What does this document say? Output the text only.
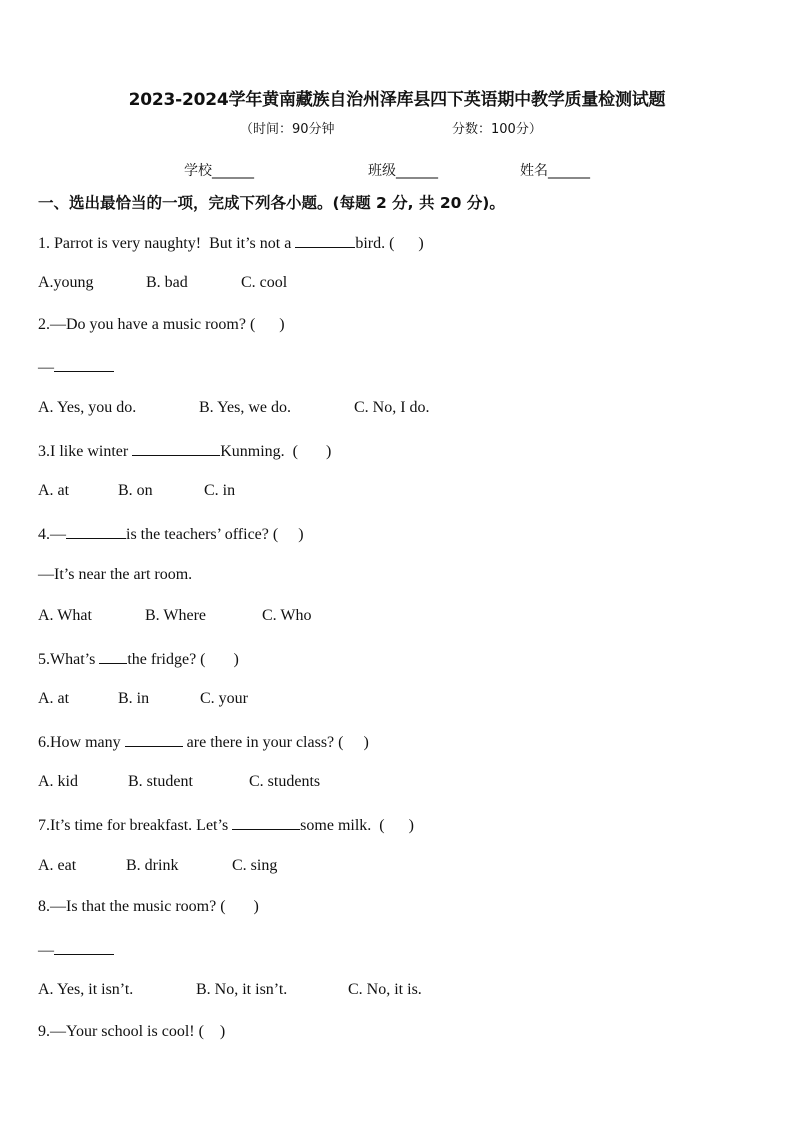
2023-2024学年黄南藏族自治州泽库县四下英语期中教学质量检测试题
（时间：90分钟	分数：100分）
学校______	班级______	姓名______
一、选出最恰当的一项，完成下列各小题。(每题 2 分, 共 20 分)。
1. Parrot is very naughty!  But it’s not a	bird. (      )
A.young	B. bad	C. cool
2.—Do you have a music room? (      )
—
A. Yes, you do.	B. Yes, we do.	C. No, I do.
3.I like winter	Kunming.  (       )
A. at	B. on	C. in
4.—	is the teachers’ office? (     )
—It’s near the art room.
A. What	B. Where	C. Who
5.What’s the fridge? (       )
A. at	B. in	C. your
6.How many	are there in your class? (     )
A. kid	B. student	C. students
7.It’s time for breakfast. Let’s	some milk.  (      )
A. eat	B. drink	C. sing
8.—Is that the music room? (       )
—
A. Yes, it isn’t.	B. No, it isn’t.	C. No, it is.
9.—Your school is cool! (    )
